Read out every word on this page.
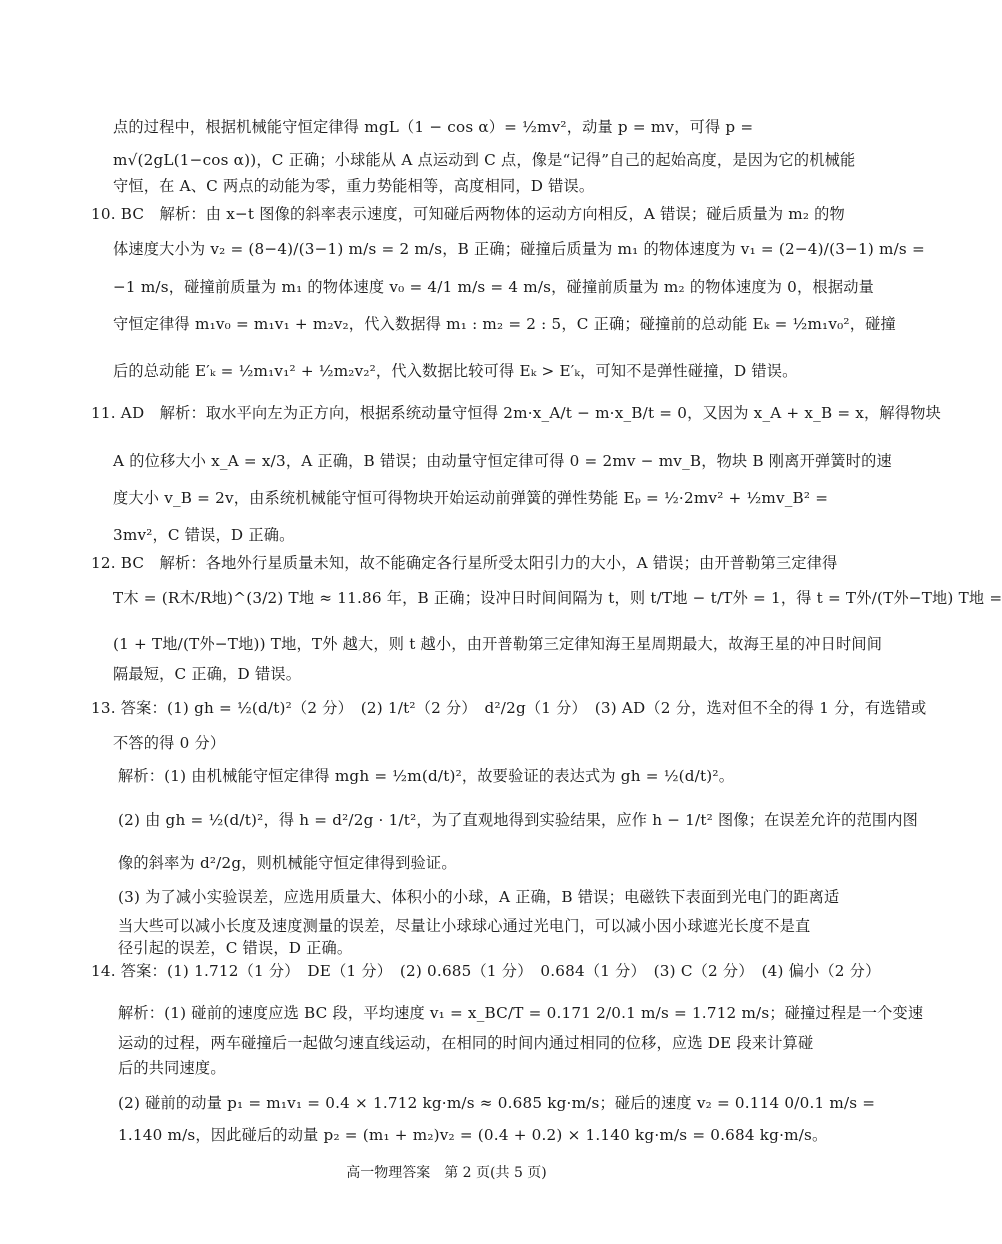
点的过程中，根据机械能守恒定律得 mgL（1 − cos α）= ½mv²，动量 p = mv，可得 p =
m√(2gL(1−cos α))，C 正确；小球能从 A 点运动到 C 点，像是“记得”自己的起始高度，是因为它的机械能
守恒，在 A、C 两点的动能为零，重力势能相等，高度相同，D 错误。
10. BC　解析：由 x−t 图像的斜率表示速度，可知碰后两物体的运动方向相反，A 错误；碰后质量为 m₂ 的物
体速度大小为 v₂ = (8−4)/(3−1) m/s = 2 m/s，B 正确；碰撞后质量为 m₁ 的物体速度为 v₁ = (2−4)/(3−1) m/s =
−1 m/s，碰撞前质量为 m₁ 的物体速度 v₀ = 4/1 m/s = 4 m/s，碰撞前质量为 m₂ 的物体速度为 0，根据动量
守恒定律得 m₁v₀ = m₁v₁ + m₂v₂，代入数据得 m₁ : m₂ = 2 : 5，C 正确；碰撞前的总动能 Eₖ = ½m₁v₀²，碰撞
后的总动能 E′ₖ = ½m₁v₁² + ½m₂v₂²，代入数据比较可得 Eₖ > E′ₖ，可知不是弹性碰撞，D 错误。
11. AD　解析：取水平向左为正方向，根据系统动量守恒得 2m·x_A/t − m·x_B/t = 0，又因为 x_A + x_B = x，解得物块
A 的位移大小 x_A = x/3，A 正确，B 错误；由动量守恒定律可得 0 = 2mv − mv_B，物块 B 刚离开弹簧时的速
度大小 v_B = 2v，由系统机械能守恒可得物块开始运动前弹簧的弹性势能 Eₚ = ½·2mv² + ½mv_B² =
3mv²，C 错误，D 正确。
12. BC　解析：各地外行星质量未知，故不能确定各行星所受太阳引力的大小，A 错误；由开普勒第三定律得
T木 = (R木/R地)^(3/2) T地 ≈ 11.86 年，B 正确；设冲日时间间隔为 t，则 t/T地 − t/T外 = 1，得 t = T外/(T外−T地) T地 =
(1 + T地/(T外−T地)) T地，T外 越大，则 t 越小，由开普勒第三定律知海王星周期最大，故海王星的冲日时间间
隔最短，C 正确，D 错误。
13. 答案：(1) gh = ½(d/t)²（2 分）　(2) 1/t²（2 分）　d²/2g（1 分）　(3) AD（2 分，选对但不全的得 1 分，有选错或
不答的得 0 分）
解析：(1) 由机械能守恒定律得 mgh = ½m(d/t)²，故要验证的表达式为 gh = ½(d/t)²。
(2) 由 gh = ½(d/t)²，得 h = d²/2g · 1/t²，为了直观地得到实验结果，应作 h − 1/t² 图像；在误差允许的范围内图
像的斜率为 d²/2g，则机械能守恒定律得到验证。
(3) 为了减小实验误差，应选用质量大、体积小的小球，A 正确，B 错误；电磁铁下表面到光电门的距离适
当大些可以减小长度及速度测量的误差，尽量让小球球心通过光电门，可以减小因小球遮光长度不是直
径引起的误差，C 错误，D 正确。
14. 答案：(1) 1.712（1 分）　DE（1 分）　(2) 0.685（1 分）　0.684（1 分）　(3) C（2 分）　(4) 偏小（2 分）
解析：(1) 碰前的速度应选 BC 段，平均速度 v₁ = x_BC/T = 0.171 2/0.1 m/s = 1.712 m/s；碰撞过程是一个变速
运动的过程，两车碰撞后一起做匀速直线运动，在相同的时间内通过相同的位移，应选 DE 段来计算碰
后的共同速度。
(2) 碰前的动量 p₁ = m₁v₁ = 0.4 × 1.712 kg·m/s ≈ 0.685 kg·m/s；碰后的速度 v₂ = 0.114 0/0.1 m/s =
1.140 m/s，因此碰后的动量 p₂ = (m₁ + m₂)v₂ = (0.4 + 0.2) × 1.140 kg·m/s = 0.684 kg·m/s。
高一物理答案　第 2 页(共 5 页)
